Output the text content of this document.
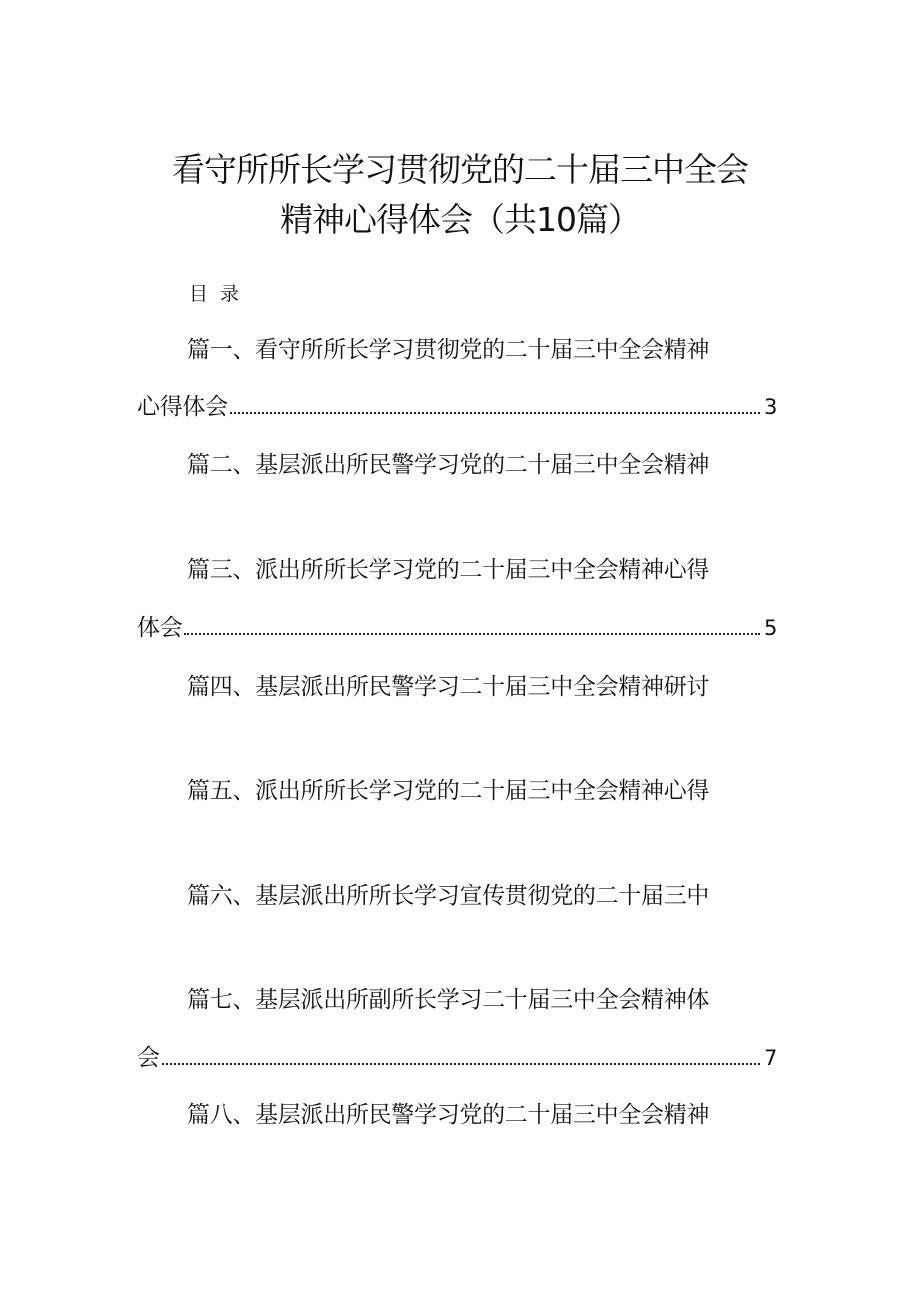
看守所所长学习贯彻党的二十届三中全会
精神心得体会（共10篇）
目 录
篇一、看守所所长学习贯彻党的二十届三中全会精神
心得体会	3
篇二、基层派出所民警学习党的二十届三中全会精神
篇三、派出所所长学习党的二十届三中全会精神心得
体会	5
篇四、基层派出所民警学习二十届三中全会精神研讨
篇五、派出所所长学习党的二十届三中全会精神心得
篇六、基层派出所所长学习宣传贯彻党的二十届三中
篇七、基层派出所副所长学习二十届三中全会精神体
会	7
篇八、基层派出所民警学习党的二十届三中全会精神
